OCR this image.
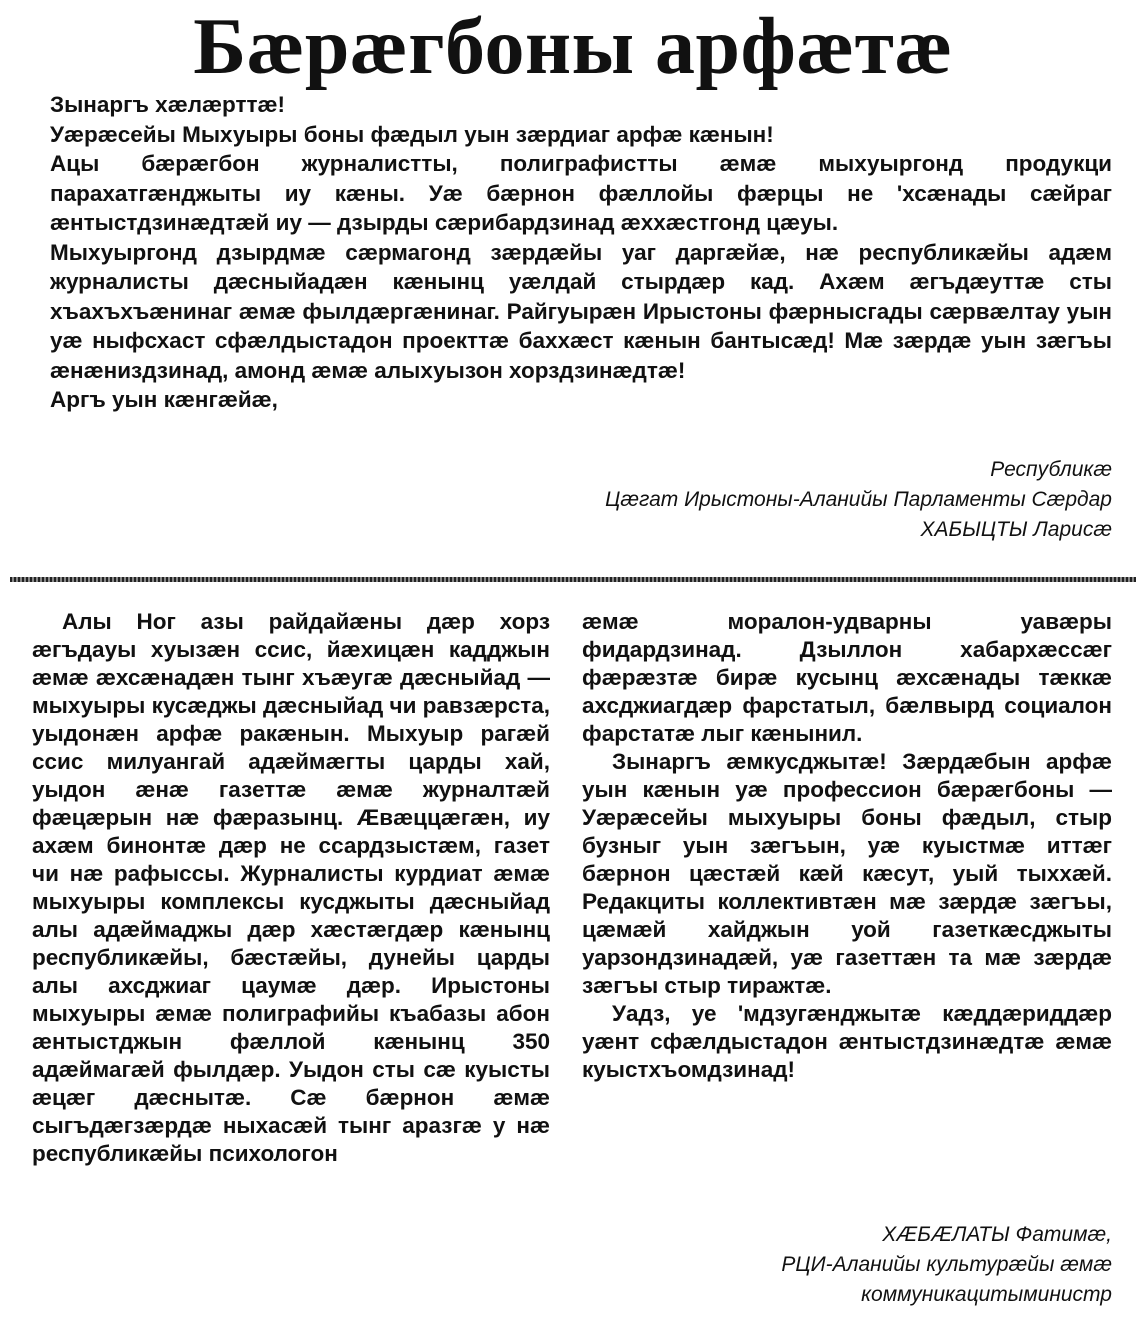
Бæрæгбоны арфæтæ

Зынаргъ хæлæрттæ!

Уæрæсейы Мыхуыры боны фæдыл уын зæрдиаг арфæ кæнын!

Ацы бæрæгбон журналистты, полиграфистты æмæ мыхуыргонд продукци парахатгæнджыты иу кæны. Уæ бæрнон фæллойы фæрцы не 'хсæнады сæйраг æнтыстдзинæдтæй иу — дзырды сæрибардзинад æххæстгонд цæуы.

Мыхуыргонд дзырдмæ сæрмагонд зæрдæйы уаг даргæйæ, нæ республикæйы адæм журналисты дæсныйадæн кæнынц уæлдай стырдæр кад. Ахæм æгъдæуттæ сты хъахъхъæнинаг æмæ фылдæргæнинаг. Райгуырæн Ирыстоны фæрнысгады сæрвæлтау уын уæ ныфсхаст сфæлдыстадон проекттæ баххæст кæнын бантысæд! Мæ зæрдæ уын зæгъы æнæниздзинад, амонд æмæ алыхуызон хорздзинæдтæ!

Аргъ уын кæнгæйæ,

Республикæ
Цæгат Ирыстоны-Аланийы Парламенты Сæрдар
ХАБЫЦТЫ Ларисæ

Алы Ног азы райдайæны дæр хорз æгъдауы хуызæн ссис, йæхицæн кадджын æмæ æхсæнадæн тынг хъæугæ дæсныйад — мыхуыры кусæджы дæсныйад чи равзæрста, уыдонæн арфæ ракæнын. Мыхуыр рагæй ссис милуангай адæймæгты царды хай, уыдон æнæ газеттæ æмæ журналтæй фæцæрын нæ фæразынц. Æвæццæгæн, иу ахæм бинонтæ дæр не ссардзыстæм, газет чи нæ рафыссы. Журналисты курдиат æмæ мыхуыры комплексы кусджыты дæсныйад алы адæймаджы дæр хæстæгдæр кæнынц республикæйы, бæстæйы, дунейы царды алы ахсджиаг цаумæ дæр. Ирыстоны мыхуыры æмæ полиграфийы къабазы абон æнтыстджын фæллой кæнынц 350 адæймагæй фылдæр. Уыдон сты сæ куысты æцæг дæснытæ. Сæ бæрнон æмæ сыгъдæгзæрдæ ныхасæй тынг аразгæ у нæ республикæйы психологон

æмæ моралон-удварны уавæры фидардзинад. Дзыллон хабархæссæг фæрæзтæ бирæ кусынц æхсæнады тæккæ ахсджиагдæр фарстатыл, бæлвырд социалон фарстатæ лыг кæнынил.

Зынаргъ æмкусджытæ! Зæрдæбын арфæ уын кæнын уæ профессион бæрæгбоны — Уæрæсейы мыхуыры боны фæдыл, стыр бузныг уын зæгъын, уæ куыстмæ иттæг бæрнон цæстæй кæй кæсут, уый тыххæй. Редакциты коллективтæн мæ зæрдæ зæгъы, цæмæй хайджын уой газеткæсджыты уарзондзинадæй, уæ газеттæн та мæ зæрдæ зæгъы стыр тиражтæ.

Уадз, уе 'мдзугæнджытæ кæддæриддæр уæнт сфæлдыстадон æнтыстдзинæдтæ æмæ куыстхъомдзинад!

ХÆБÆЛАТЫ Фатимæ,
РЦИ-Аланийы культурæйы æмæ
коммуникацитыминистр
